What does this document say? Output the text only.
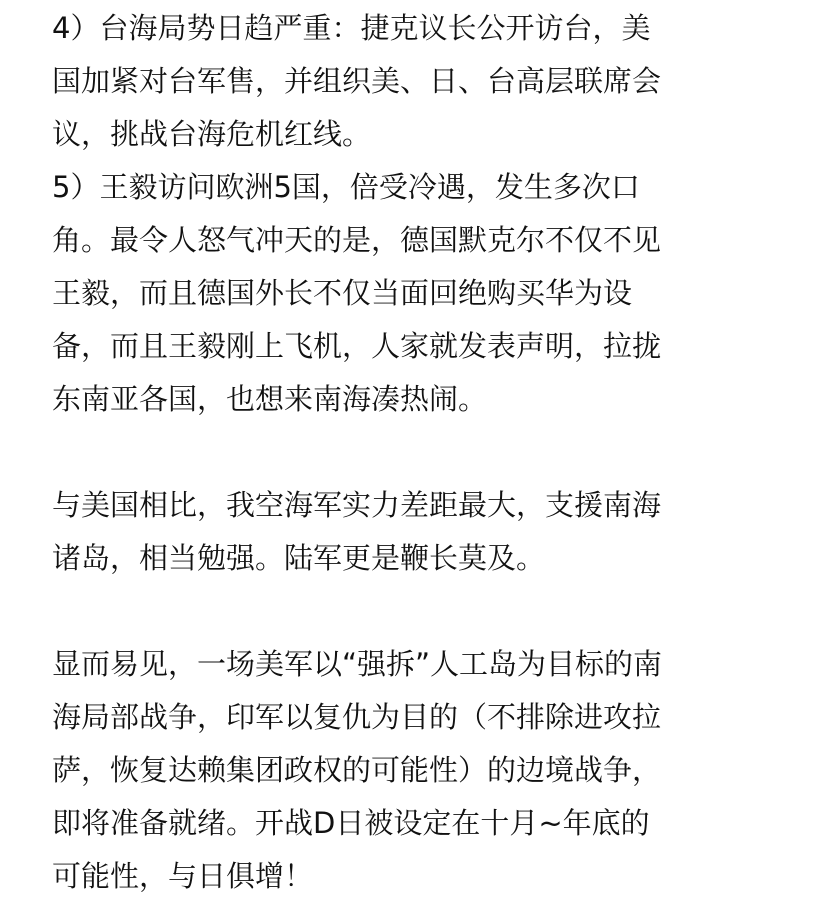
4）台海局势日趋严重：捷克议长公开访台，美
国加紧对台军售，并组织美、日、台高层联席会
议，挑战台海危机红线。
5）王毅访问欧洲5国，倍受冷遇，发生多次口
角。最令人怒气冲天的是，德国默克尔不仅不见
王毅，而且德国外长不仅当面回绝购买华为设
备，而且王毅刚上飞机，人家就发表声明，拉拢
东南亚各国，也想来南海凑热闹。
与美国相比，我空海军实力差距最大，支援南海
诸岛，相当勉强。陆军更是鞭长莫及。
显而易见，一场美军以“强拆”人工岛为目标的南
海局部战争，印军以复仇为目的（不排除进攻拉
萨，恢复达赖集团政权的可能性）的边境战争，
即将准备就绪。开战D日被设定在十月~年底的
可能性，与日俱增！
